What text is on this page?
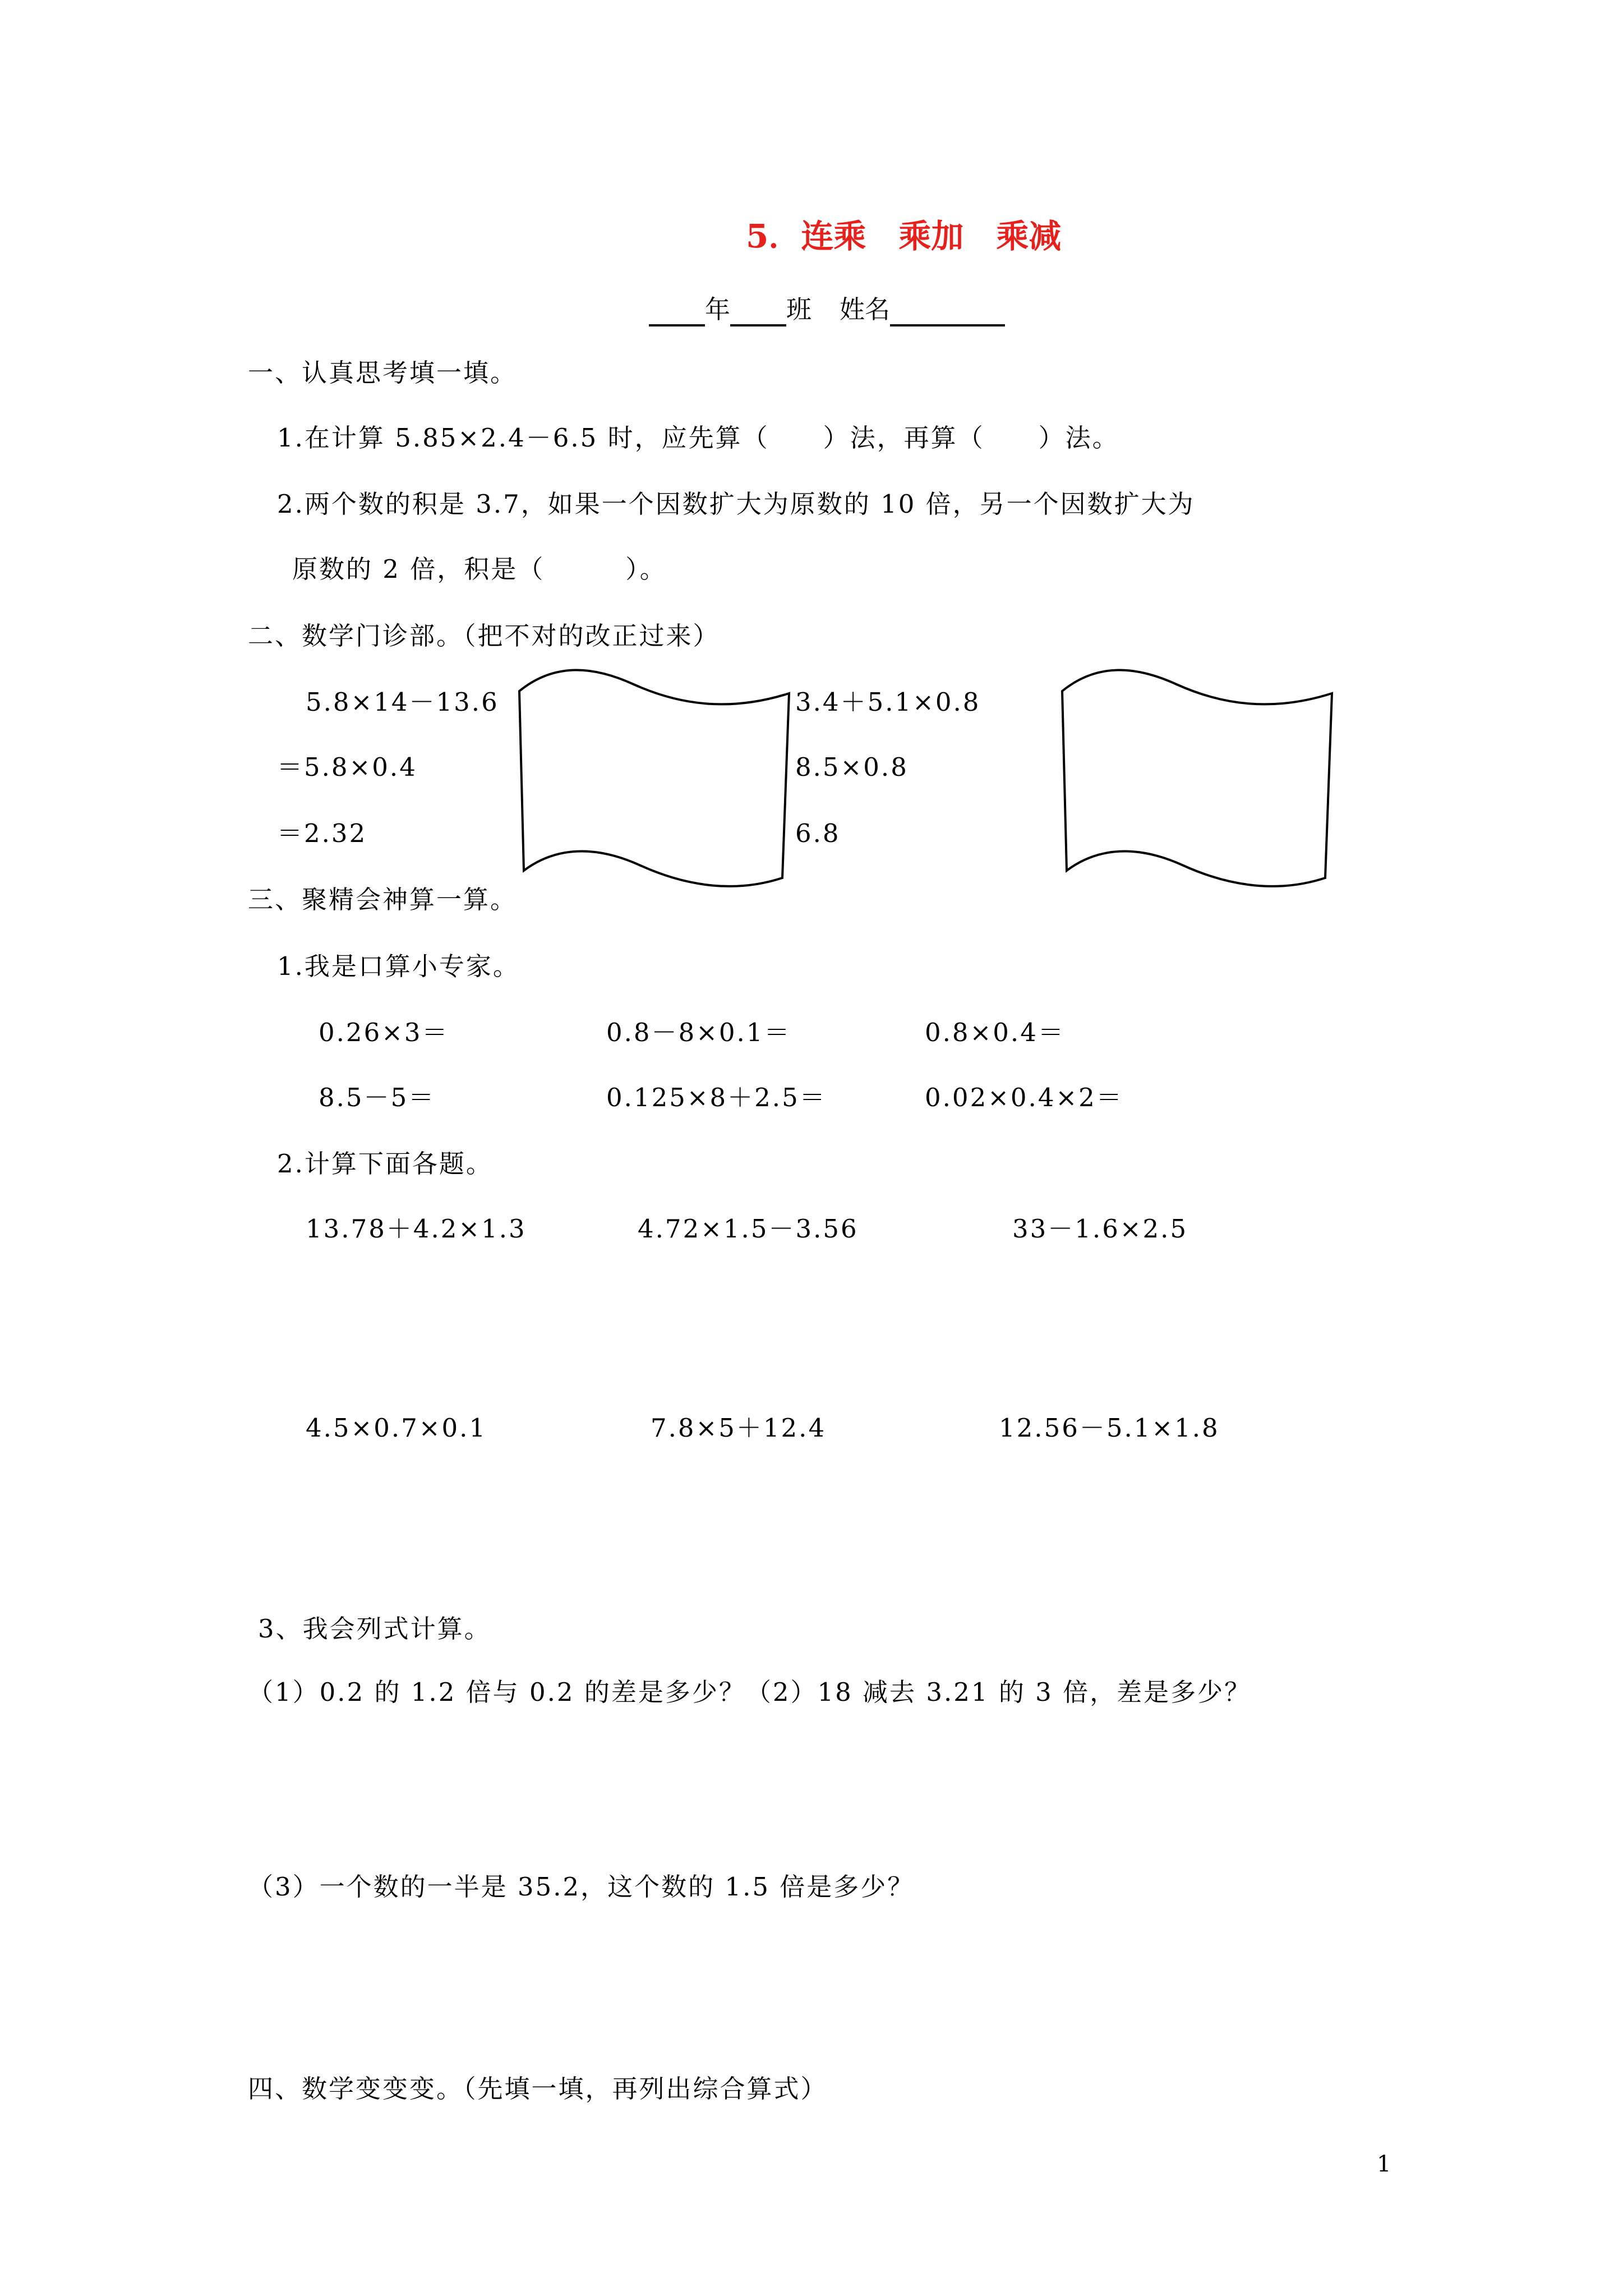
5．连乘　乘加　乘减
年 班 姓名
一、认真思考填一填。
1.在计算 5.85×2.4－6.5 时，应先算（　　）法，再算（　　）法。
2.两个数的积是 3.7，如果一个因数扩大为原数的 10 倍，另一个因数扩大为
原数的 2 倍，积是（　　　）。
二、数学门诊部。（把不对的改正过来）
5.8×14－13.6
＝5.8×0.4
＝2.32
3.4＋5.1×0.8
8.5×0.8
6.8
三、聚精会神算一算。
1.我是口算小专家。
0.26×3＝	0.8－8×0.1＝	0.8×0.4＝
8.5－5＝	0.125×8＋2.5＝	0.02×0.4×2＝
2.计算下面各题。
13.78＋4.2×1.3	4.72×1.5－3.56	33－1.6×2.5
4.5×0.7×0.1	7.8×5＋12.4	12.56－5.1×1.8
3、我会列式计算。
（1）0.2 的 1.2 倍与 0.2 的差是多少？（2）18 减去 3.21 的 3 倍，差是多少？
（3）一个数的一半是 35.2，这个数的 1.5 倍是多少？
四、数学变变变。（先填一填，再列出综合算式）
1
